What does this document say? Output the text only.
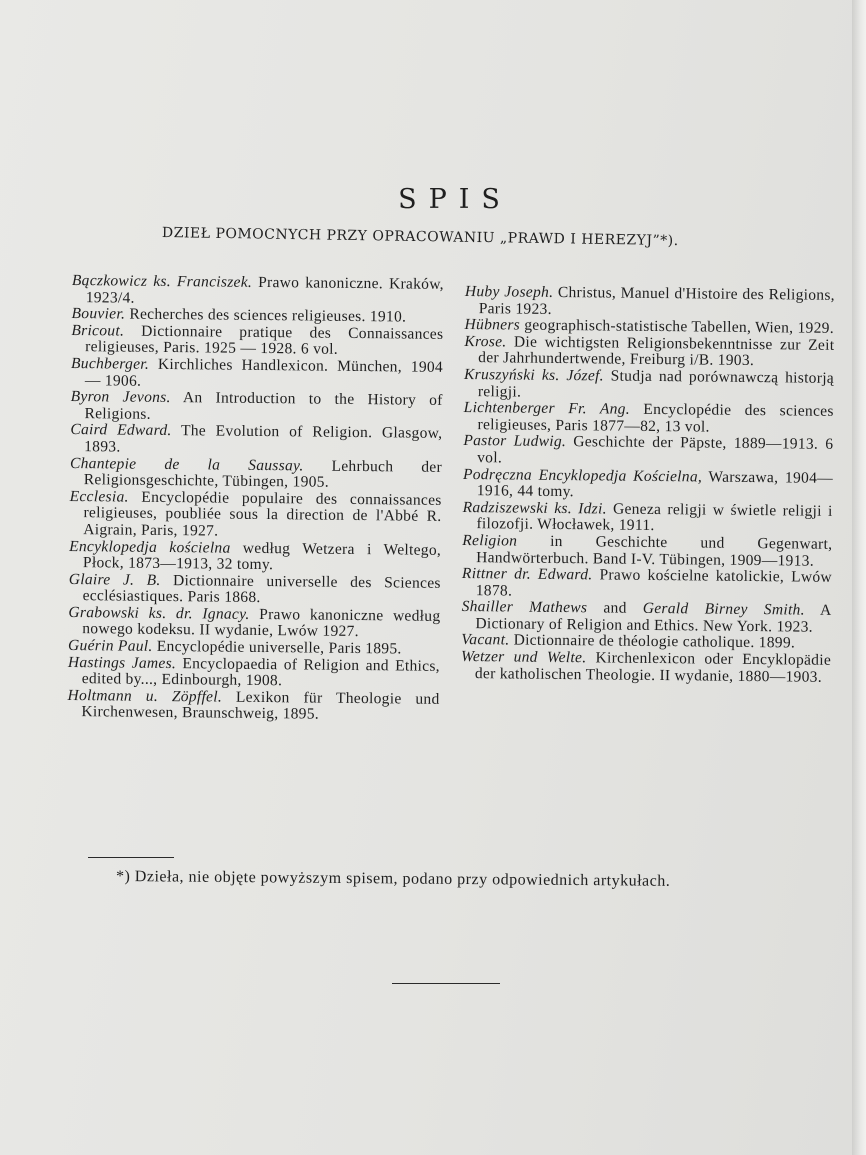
SPIS
DZIEŁ POMOCNYCH PRZY OPRACOWANIU „PRAWD I HEREZYJ”*).

Bączkowicz ks. Franciszek. Prawo kanoniczne. Kraków, 1923/4.

Bouvier. Recherches des sciences religieuses. 1910.

Bricout. Dictionnaire pratique des Connaissances religieuses, Paris. 1925 — 1928. 6 vol.

Buchberger. Kirchliches Handlexicon. München, 1904 — 1906.

Byron Jevons. An Introduction to the History of Religions.

Caird Edward. The Evolution of Religion. Glasgow, 1893.

Chantepie de la Saussay. Lehrbuch der Religionsgeschichte, Tübingen, 1905.

Ecclesia. Encyclopédie populaire des connaissances religieuses, poubliée sous la direction de l'Abbé R. Aigrain, Paris, 1927.

Encyklopedja kościelna według Wetzera i Weltego, Płock, 1873—1913, 32 tomy.

Glaire J. B. Dictionnaire universelle des Sciences ecclésiastiques. Paris 1868.

Grabowski ks. dr. Ignacy. Prawo kanoniczne według nowego kodeksu. II wydanie, Lwów 1927.

Guérin Paul. Encyclopédie universelle, Paris 1895.

Hastings James. Encyclopaedia of Religion and Ethics, edited by..., Edinbourgh, 1908.

Holtmann u. Zöpffel. Lexikon für Theologie und Kirchenwesen, Braunschweig, 1895.

Huby Joseph. Christus, Manuel d'Histoire des Religions, Paris 1923.

Hübners geographisch-statistische Tabellen, Wien, 1929.

Krose. Die wichtigsten Religionsbekenntnisse zur Zeit der Jahrhundertwende, Freiburg i/B. 1903.

Kruszyński ks. Józef. Studja nad porównawczą historją religji.

Lichtenberger Fr. Ang. Encyclopédie des sciences religieuses, Paris 1877—82, 13 vol.

Pastor Ludwig. Geschichte der Päpste, 1889—1913. 6 vol.

Podręczna Encyklopedja Kościelna, Warszawa, 1904—1916, 44 tomy.

Radziszewski ks. Idzi. Geneza religji w świetle religji i filozofji. Włocławek, 1911.

Religion in Geschichte und Gegenwart, Handwörterbuch. Band I-V. Tübingen, 1909—1913.

Rittner dr. Edward. Prawo kościelne katolickie, Lwów 1878.

Shailler Mathews and Gerald Birney Smith. A Dictionary of Religion and Ethics. New York. 1923.

Vacant. Dictionnaire de théologie catholique. 1899.

Wetzer und Welte. Kirchenlexicon oder Encyklopädie der katholischen Theologie. II wydanie, 1880—1903.

*) Dzieła, nie objęte powyższym spisem, podano przy odpowiednich artykułach.
